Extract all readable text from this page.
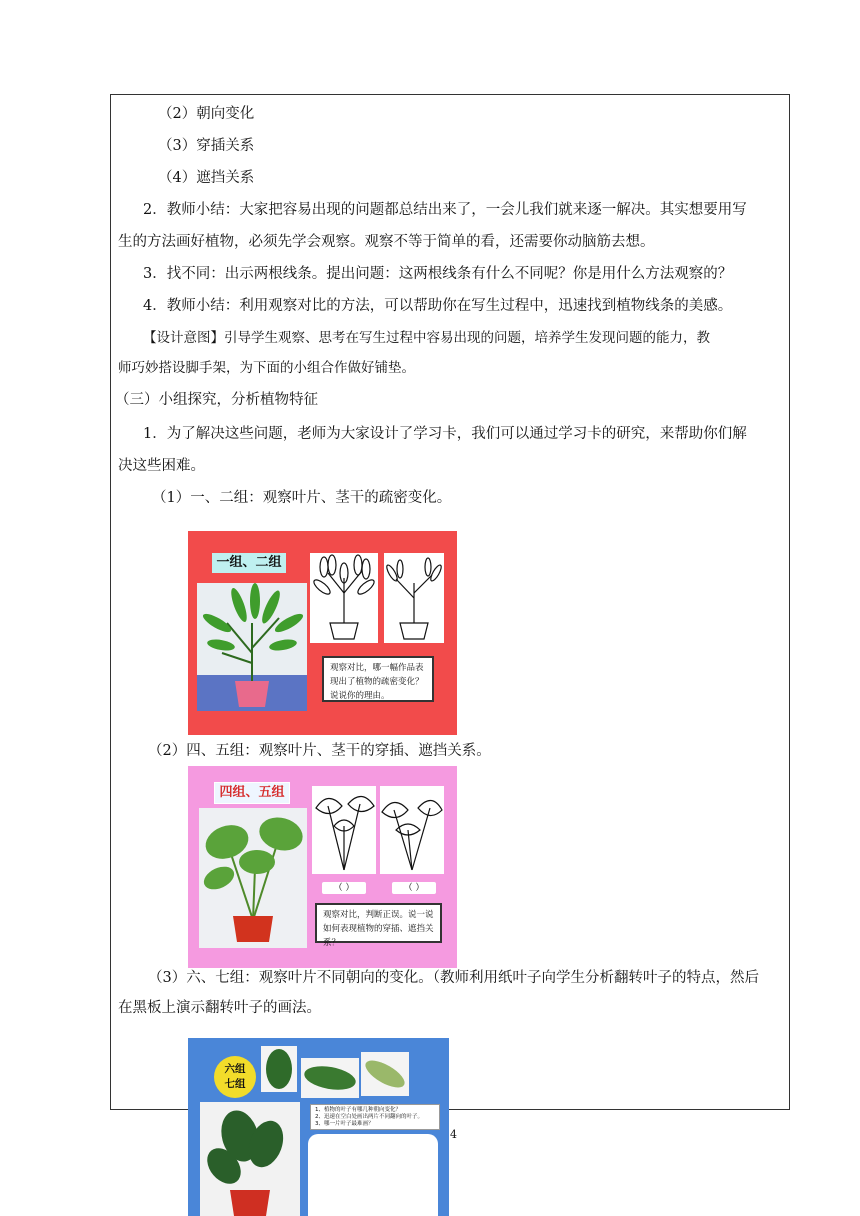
（2）朝向变化
（3）穿插关系
（4）遮挡关系
2．教师小结：大家把容易出现的问题都总结出来了，一会儿我们就来逐一解决。其实想要用写
生的方法画好植物，必须先学会观察。观察不等于简单的看，还需要你动脑筋去想。
3．找不同：出示两根线条。提出问题：这两根线条有什么不同呢？你是用什么方法观察的？
4．教师小结：利用观察对比的方法，可以帮助你在写生过程中，迅速找到植物线条的美感。
【设计意图】引导学生观察、思考在写生过程中容易出现的问题，培养学生发现问题的能力，教
师巧妙搭设脚手架，为下面的小组合作做好铺垫。
（三）小组探究，分析植物特征
1．为了解决这些问题，老师为大家设计了学习卡，我们可以通过学习卡的研究，来帮助你们解
决这些困难。
（1）一、二组：观察叶片、茎干的疏密变化。
一组、二组
观察对比，哪一幅作品表现出了植物的疏密变化？说说你的理由。
（2）四、五组：观察叶片、茎干的穿插、遮挡关系。
四组、五组
（ ）	（ ）
观察对比，判断正误。说一说如何表现植物的穿插、遮挡关系？
（3）六、七组：观察叶片不同朝向的变化。（教师利用纸叶子向学生分析翻转叶子的特点，然后
在黑板上演示翻转叶子的画法。
六组
七组
1、植物的叶子有哪几种朝向变化？
2、迅速在空白处画出两片不同翻向的叶子。
3、哪一片叶子最难画？
4
